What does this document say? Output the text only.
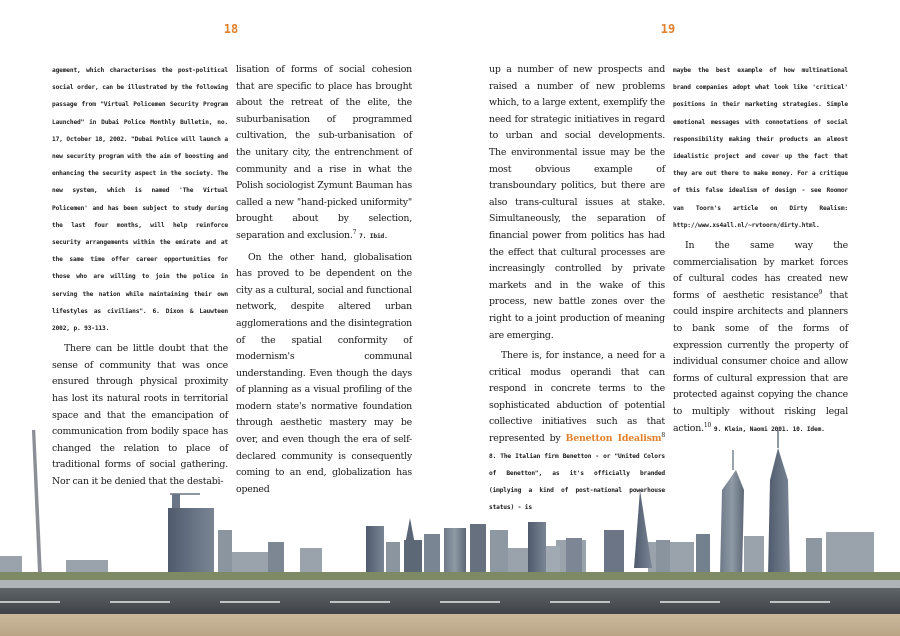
18	19

agement, which characterises the post-political social order, can be illustrated by the following passage from "Virtual Policemen Security Program Launched" in Dubai Police Monthly Bulletin, no. 17, October 18, 2002. "Dubai Police will launch a new security program with the aim of boosting and enhancing the security aspect in the society. The new system, which is named 'The Virtual Policemen' and has been subject to study during the last four months, will help reinforce security arrangements within the emirate and at the same time offer career opportunities for those who are willing to join the police in serving the nation while maintaining their own lifestyles as civilians". 6. Dixon & Lauwteen 2002, p. 93-113.

There can be little doubt that the sense of community that was once ensured through physical proximity has lost its natural roots in territorial space and that the emancipation of communication from bodily space has changed the relation to place of traditional forms of social gathering. Nor can it be denied that the destabi-

lisation of forms of social cohesion that are specific to place has brought about the retreat of the elite, the suburbanisation of programmed cultivation, the sub-urbanisation of the unitary city, the entrenchment of community and a rise in what the Polish sociologist Zymunt Bauman has called a new "hand-picked uniformity" brought about by selection, separation and exclusion.$^7$ 7. Ibid.

On the other hand, globalisation has proved to be dependent on the city as a cultural, social and functional network, despite altered urban agglomerations and the disintegration of the spatial conformity of modernism's communal understanding. Even though the days of planning as a visual profiling of the modern state's normative foundation through aesthetic mastery may be over, and even though the era of self-declared community is consequently coming to an end, globalization has opened

up a number of new prospects and raised a number of new problems which, to a large extent, exemplify the need for strategic initiatives in regard to urban and social developments. The environmental issue may be the most obvious example of transboundary politics, but there are also trans-cultural issues at stake. Simultaneously, the separation of financial power from politics has had the effect that cultural processes are increasingly controlled by private markets and in the wake of this process, new battle zones over the right to a joint production of meaning are emerging.

There is, for instance, a need for a critical modus operandi that can respond in concrete terms to the sophisticated abduction of potential collective initiatives such as that represented by Benetton Idealism$^8$ 8. The Italian firm Benetton - or "United Colors of Benetton", as it's officially branded (implying a kind of post-national powerhouse status) - is

maybe the best example of how multinational brand companies adopt what look like 'critical' positions in their marketing strategies. Simple emotional messages with connotations of social responsibility making their products an almost idealistic project and cover up the fact that they are out there to make money. For a critique of this false idealism of design - see Roomor van Toorn's article on Dirty Realism: http://www.xs4all.nl/~rvtoorn/dirty.html.

In the same way the commercialisation by market forces of cultural codes has created new forms of aesthetic resistance$^9$ that could inspire architects and planners to bank some of the forms of expression currently the property of individual consumer choice and allow forms of cultural expression that are protected against copying the chance to multiply without risking legal action.$^{10}$ 9. Klein, Naomi 2001. 10. Idem.
